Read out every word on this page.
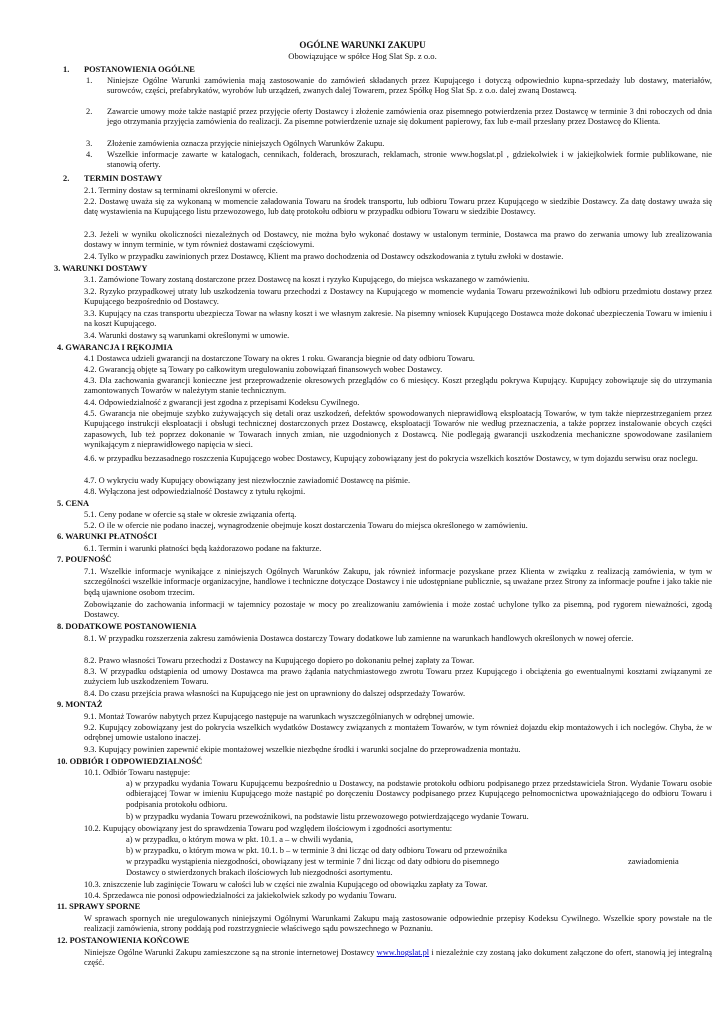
OGÓLNE WARUNKI ZAKUPU
Obowiązujące w spółce Hog Slat Sp. z o.o.
1. POSTANOWIENIA OGÓLNE
1. Niniejsze Ogólne Warunki zamówienia mają zastosowanie do zamówień składanych przez Kupującego i dotyczą odpowiednio kupna-sprzedaży lub dostawy, materiałów, surowców, części, prefabrykatów, wyrobów lub urządzeń, zwanych dalej Towarem, przez Spółkę Hog Slat Sp. z o.o. dalej zwaną Dostawcą.
2. Zawarcie umowy może także nastąpić przez przyjęcie oferty Dostawcy i złożenie zamówienia oraz pisemnego potwierdzenia przez Dostawcę w terminie 3 dni roboczych od dnia jego otrzymania przyjęcia zamówienia do realizacji. Za pisemne potwierdzenie uznaje się dokument papierowy, fax lub e-mail przesłany przez Dostawcę do Klienta.
3. Złożenie zamówienia oznacza przyjęcie niniejszych Ogólnych Warunków Zakupu.
4. Wszelkie informacje zawarte w katalogach, cennikach, folderach, broszurach, reklamach, stronie www.hogslat.pl , gdziekolwiek i w jakiejkolwiek formie publikowane, nie stanowią oferty.
2. TERMIN DOSTAWY
2.1. Terminy dostaw są terminami określonymi w ofercie.
2.2. Dostawę uważa się za wykonaną w momencie załadowania Towaru na środek transportu, lub odbioru Towaru przez Kupującego w siedzibie Dostawcy. Za datę dostawy uważa się datę wystawienia na Kupującego listu przewozowego, lub datę protokołu odbioru w przypadku odbioru Towaru w siedzibie Dostawcy.
2.3. Jeżeli w wyniku okoliczności niezależnych od Dostawcy, nie można było wykonać dostawy w ustalonym terminie, Dostawca ma prawo do zerwania umowy lub zrealizowania dostawy w innym terminie, w tym również dostawami częściowymi.
2.4. Tylko w przypadku zawinionych przez Dostawcę, Klient ma prawo dochodzenia od Dostawcy odszkodowania z tytułu zwłoki w dostawie.
3. WARUNKI DOSTAWY
3.1. Zamówione Towary zostaną dostarczone przez Dostawcę na koszt i ryzyko Kupującego, do miejsca wskazanego w zamówieniu.
3.2. Ryzyko przypadkowej utraty lub uszkodzenia towaru przechodzi z Dostawcy na Kupującego w momencie wydania Towaru przewoźnikowi lub odbioru przedmiotu dostawy przez Kupującego bezpośrednio od Dostawcy.
3.3. Kupujący na czas transportu ubezpiecza Towar na własny koszt i we własnym zakresie. Na pisemny wniosek Kupującego Dostawca może dokonać ubezpieczenia Towaru w imieniu i na koszt Kupującego.
3.4. Warunki dostawy są warunkami określonymi w umowie.
4. GWARANCJA I RĘKOJMIA
4.1 Dostawca udzieli gwarancji na dostarczone Towary na okres 1 roku. Gwarancja biegnie od daty odbioru Towaru.
4.2. Gwarancją objęte są Towary po całkowitym uregulowaniu zobowiązań finansowych wobec Dostawcy.
4.3. Dla zachowania gwarancji konieczne jest przeprowadzenie okresowych przeglądów co 6 miesięcy. Koszt przeglądu pokrywa Kupujący. Kupujący zobowiązuje się do utrzymania zamontowanych Towarów w należytym stanie technicznym.
4.4. Odpowiedzialność z gwarancji jest zgodna z przepisami Kodeksu Cywilnego.
4.5. Gwarancja nie obejmuje szybko zużywających się detali oraz uszkodzeń, defektów spowodowanych nieprawidłową eksploatacją Towarów, w tym także nieprzestrzeganiem przez Kupującego instrukcji eksploatacji i obsługi technicznej dostarczonych przez Dostawcę, eksploatacji Towarów nie według przeznaczenia, a także poprzez instalowanie obcych części zapasowych, lub też poprzez dokonanie w Towarach innych zmian, nie uzgodnionych z Dostawcą. Nie podlegają gwarancji uszkodzenia mechaniczne spowodowane zasilaniem wynikającym z nieprawidłowego napięcia w sieci.
4.6. w przypadku bezzasadnego roszczenia Kupującego wobec Dostawcy, Kupujący zobowiązany jest do pokrycia wszelkich kosztów Dostawcy, w tym dojazdu serwisu oraz noclegu.
4.7. O wykryciu wady Kupujący obowiązany jest niezwłocznie zawiadomić Dostawcę na piśmie.
4.8. Wyłączona jest odpowiedzialność Dostawcy z tytułu rękojmi.
5. CENA
5.1. Ceny podane w ofercie są stałe w okresie związania ofertą.
5.2. O ile w ofercie nie podano inaczej, wynagrodzenie obejmuje koszt dostarczenia Towaru do miejsca określonego w zamówieniu.
6. WARUNKI PŁATNOŚCI
6.1. Termin i warunki płatności będą każdorazowo podane na fakturze.
7. POUFNOŚĆ
7.1. Wszelkie informacje wynikające z niniejszych Ogólnych Warunków Zakupu, jak również informacje pozyskane przez Klienta w związku z realizacją zamówienia, w tym w szczególności wszelkie informacje organizacyjne, handlowe i techniczne dotyczące Dostawcy i nie udostępniane publicznie, są uważane przez Strony za informacje poufne i jako takie nie będą ujawnione osobom trzecim.
Zobowiązanie do zachowania informacji w tajemnicy pozostaje w mocy po zrealizowaniu zamówienia i może zostać uchylone tylko za pisemną, pod rygorem nieważności, zgodą Dostawcy.
8. DODATKOWE POSTANOWIENIA
8.1. W przypadku rozszerzenia zakresu zamówienia Dostawca dostarczy Towary dodatkowe lub zamienne na warunkach handlowych określonych w nowej ofercie.
8.2. Prawo własności Towaru przechodzi z Dostawcy na Kupującego dopiero po dokonaniu pełnej zapłaty za Towar.
8.3. W przypadku odstąpienia od umowy Dostawca ma prawo żądania natychmiastowego zwrotu Towaru przez Kupującego i obciążenia go ewentualnymi kosztami związanymi ze zużyciem lub uszkodzeniem Towaru.
8.4. Do czasu przejścia prawa własności na Kupującego nie jest on uprawniony do dalszej odsprzedaży Towarów.
9. MONTAŻ
9.1. Montaż Towarów nabytych przez Kupującego następuje na warunkach wyszczególnianych w odrębnej umowie.
9.2. Kupujący zobowiązany jest do pokrycia wszelkich wydatków Dostawcy związanych z montażem Towarów, w tym również dojazdu ekip montażowych i ich noclegów. Chyba, że w odrębnej umowie ustalono inaczej.
9.3. Kupujący powinien zapewnić ekipie montażowej wszelkie niezbędne środki i warunki socjalne do przeprowadzenia montażu.
10. ODBIÓR I ODPOWIEDZIALNOŚĆ
10.1. Odbiór Towaru następuje:
a) w przypadku wydania Towaru Kupującemu bezpośrednio u Dostawcy, na podstawie protokołu odbioru podpisanego przez przedstawiciela Stron. Wydanie Towaru osobie odbierającej Towar w imieniu Kupującego może nastąpić po doręczeniu Dostawcy podpisanego przez Kupującego pełnomocnictwa upoważniającego do odbioru Towaru i podpisania protokołu odbioru.
b) w przypadku wydania Towaru przewoźnikowi, na podstawie listu przewozowego potwierdzającego wydanie Towaru.
10.2. Kupujący obowiązany jest do sprawdzenia Towaru pod względem ilościowym i zgodności asortymentu:
a) w przypadku, o którym mowa w pkt. 10.1. a – w chwili wydania,
b) w przypadku, o którym mowa w pkt. 10.1. b – w terminie 3 dni licząc od daty odbioru Towaru od przewoźnika
w przypadku wystąpienia niezgodności, obowiązany jest w terminie 7 dni licząc od daty odbioru do pisemnego	zawiadomienia
Dostawcy o stwierdzonych brakach ilościowych lub niezgodności asortymentu.
10.3. zniszczenie lub zaginięcie Towaru w całości lub w części nie zwalnia Kupującego od obowiązku zapłaty za Towar.
10.4. Sprzedawca nie ponosi odpowiedzialności za jakiekolwiek szkody po wydaniu Towaru.
11. SPRAWY SPORNE
W sprawach spornych nie uregulowanych niniejszymi Ogólnymi Warunkami Zakupu mają zastosowanie odpowiednie przepisy Kodeksu Cywilnego. Wszelkie spory powstałe na tle realizacji zamówienia, strony poddają pod rozstrzygniecie właściwego sądu powszechnego w Poznaniu.
12. POSTANOWIENIA KOŃCOWE
Niniejsze Ogólne Warunki Zakupu zamieszczone są na stronie internetowej Dostawcy www.hogslat.pl i niezależnie czy zostaną jako dokument załączone do ofert, stanowią jej integralną część.
